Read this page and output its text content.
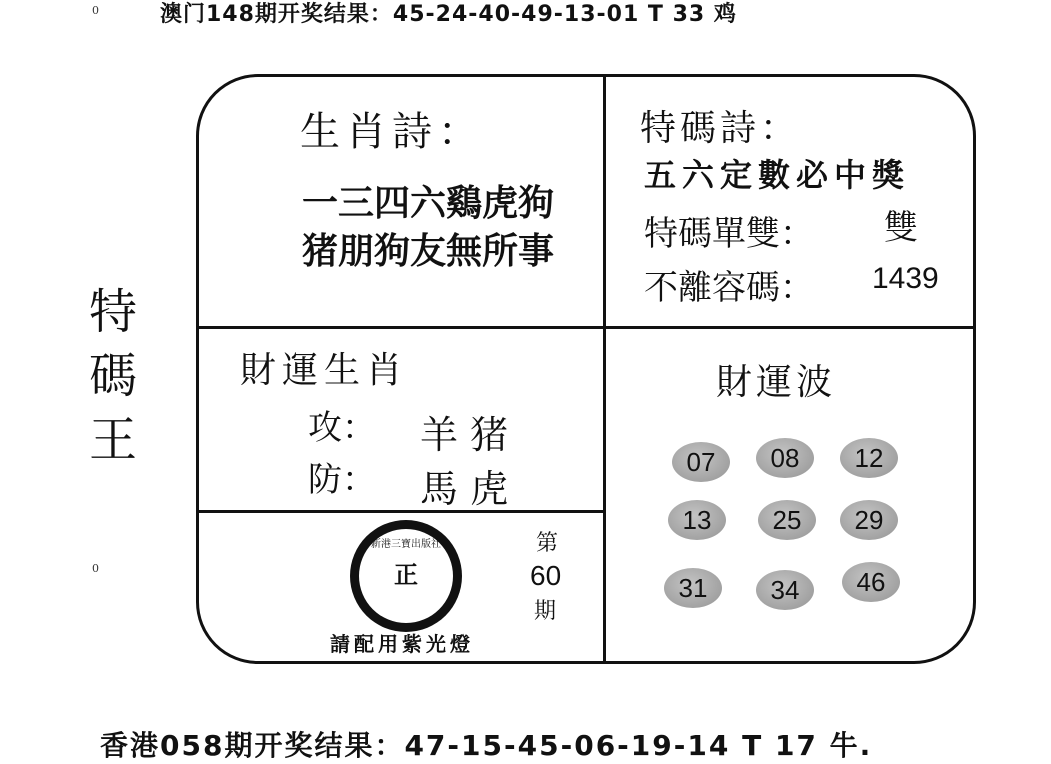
澳门148期开奖结果：45-24-40-49-13-01 T 33 鸡
0
0
特
碼
王
生肖詩：
一三四六鷄虎狗
猪朋狗友無所事
特碼詩：
五六定數必中獎
特碼單雙： 雙
不離容碼： 1439
財運生肖
攻： 羊 猪
防： 馬 虎
財運波
07	08	12
13	25	29
31	34	46
正
新港三寶出版社	第
60
期
請配用紫光燈
香港058期开奖结果：47-15-45-06-19-14 T 17 牛.
